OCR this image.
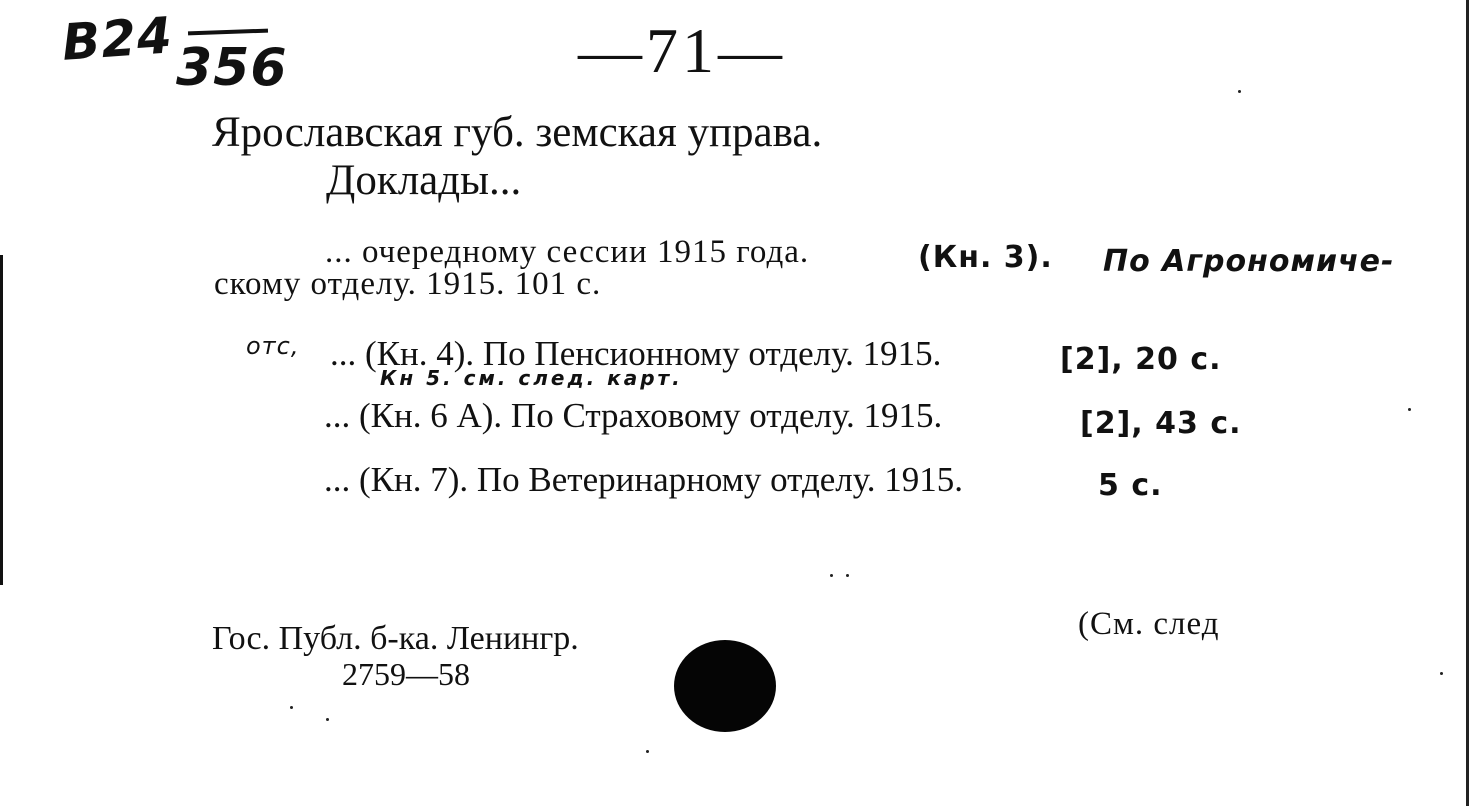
В24 356	—71—
Ярославская губ. земская управа.
Доклады...
... очередному сессии 1915 года.	(Кн. 3). По Агрономиче-
скому отделу. 1915. 101 с.
отс, ... (Кн. 4). По Пенсионному отделу. 1915.	[2], 20 с.
Кн 5. см. след. карт.
... (Кн. 6 А). По Страховому отделу. 1915.	[2], 43 с.
... (Кн. 7). По Ветеринарному отделу. 1915.	5 с.
Гос. Публ. б-ка. Ленингр.
2759—58
(См. след
